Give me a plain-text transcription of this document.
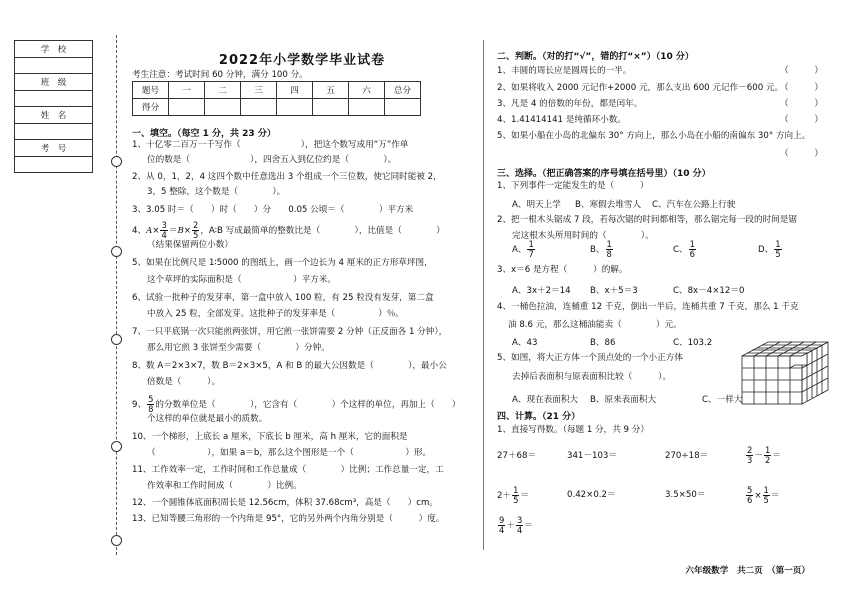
学　校

班　级

姓　名

考　号

2022年小学数学毕业试卷
考生注意：考试时间 60 分钟，满分 100 分。
题号	一	二	三	四	五	六	总分
得分							
一、填空。（每空 1 分，共 23 分）
1、十亿零二百万一千写作（　　　　　　　），把这个数写成用“万”作单
位的数是（　　　　　　　），四舍五入到亿位约是（　　　　）。
2、从 0，1，2，4 这四个数中任意选出 3 个组成一个三位数，使它同时能被 2，
3，5 整除，这个数是（　　　　）。
3、3.05 时＝（　　）时（　　）分　　0.05 公顷＝（　　　　）平方米
4、$A\times \frac{3}{4} =B\times \frac{2}{5}$ ，A∶B 写成最简单的整数比是（　　　　），比值是（　　　　）
（结果保留两位小数）
5、如果在比例尺是 1∶5000 的图纸上，画一个边长为 4 厘米的正方形草坪图，
这个草坪的实际面积是（　　　　　　）平方米。
6、试验一批种子的发芽率，第一盒中放入 100 粒，有 25 粒没有发芽，第二盒
中放入 25 粒，全部发芽。这批种子的发芽率是（　　　　　）％。
7、一只平底锅一次只能煎两张饼，用它煎一张饼需要 2 分钟（正反面各 1 分钟），
那么用它煎 3 张饼至少需要（　　　　）分钟。
8、数 A＝2×3×7，数 B＝2×3×5，A 和 B 的最大公因数是（　　　　），最小公
倍数是（　　　）。
9、 $\frac{5}{8}$ 的分数单位是（　　　　），它含有（　　　　）个这样的单位，再加上（　　）
个这样的单位就是最小的质数。
10、一个梯形，上底长 a 厘米，下底长 b 厘米，高 h 厘米，它的面积是
（　　　　　　），如果 a＝b，那么这个图形是一个（　　　　　　）形。
11、工作效率一定，工作时间和工作总量成（　　　　）比例；工作总量一定，工
作效率和工作时间成（　　　　）比例。
12、一个圆锥体底面积周长是 12.56cm，体积 37.68cm³，高是（　　）cm。
13、已知等腰三角形的一个内角是 95°，它的另外两个内角分别是（　　　）度。
二、判断。（对的打“√”，错的打“×”）（10 分）
1、丰圆的周长应是圆周长的一半。	（　　　）
2、如果将收入 2000 元记作+2000 元，那么支出 600 元记作－600 元。
（　　　）
3、凡是 4 的倍数的年份，都是闰年。	（　　　）
4、1.41414141 是纯循环小数。	（　　　）
5、如果小船在小岛的北偏东 30° 方向上，那么小岛在小船的南偏东 30° 方向上。
（　　　）
三、选择。（把正确答案的序号填在括号里）（10 分）
1、下列事件一定能发生的是（　　　）
A、明天上学 B、寒假去堆雪人 C、汽车在公路上行驶
2、把一根木头锯成 7 段，若每次锯的时间都相等，那么锯完每一段的时间是锯
完这根木头所用时间的（　　　　）。
A、 $\frac{1}{7}$	B、 $\frac{1}{8}$	C、 $\frac{1}{6}$	D、 $\frac{1}{5}$
3、x＝6 是方程（　　　）的解。
A、3x＋2＝14 B、x＋5＝3	C、8x－4×12＝0
4、一桶色拉油，连桶重 12 千克，倒出一半后，连桶共重 7 千克，那么 1 千克
油 8.6 元，那么这桶油能卖（　　　　）元。
A、43	B、86	C、103.2
5、如图，将大正方体一个顶点处的一个小正方体
去掉后表面积与原表面积比较（　　　）。
A、现在表面积大 B、原来表面积大	C、一样大
四、计算。（21 分）
1、直接写得数。（每题 1 分，共 9 分）
27＋68＝	341－103＝	270÷18＝	$\frac{2}{3} - \frac{1}{2}$ ＝
$2+ \frac{1}{5}$ ＝	0.42×0.2＝	3.5×50＝	$\frac{5}{6} \times \frac{1}{5}$ ＝
$\frac{9}{4} + \frac{3}{4}$ ＝
六年级数学　共二页　（第一页）
